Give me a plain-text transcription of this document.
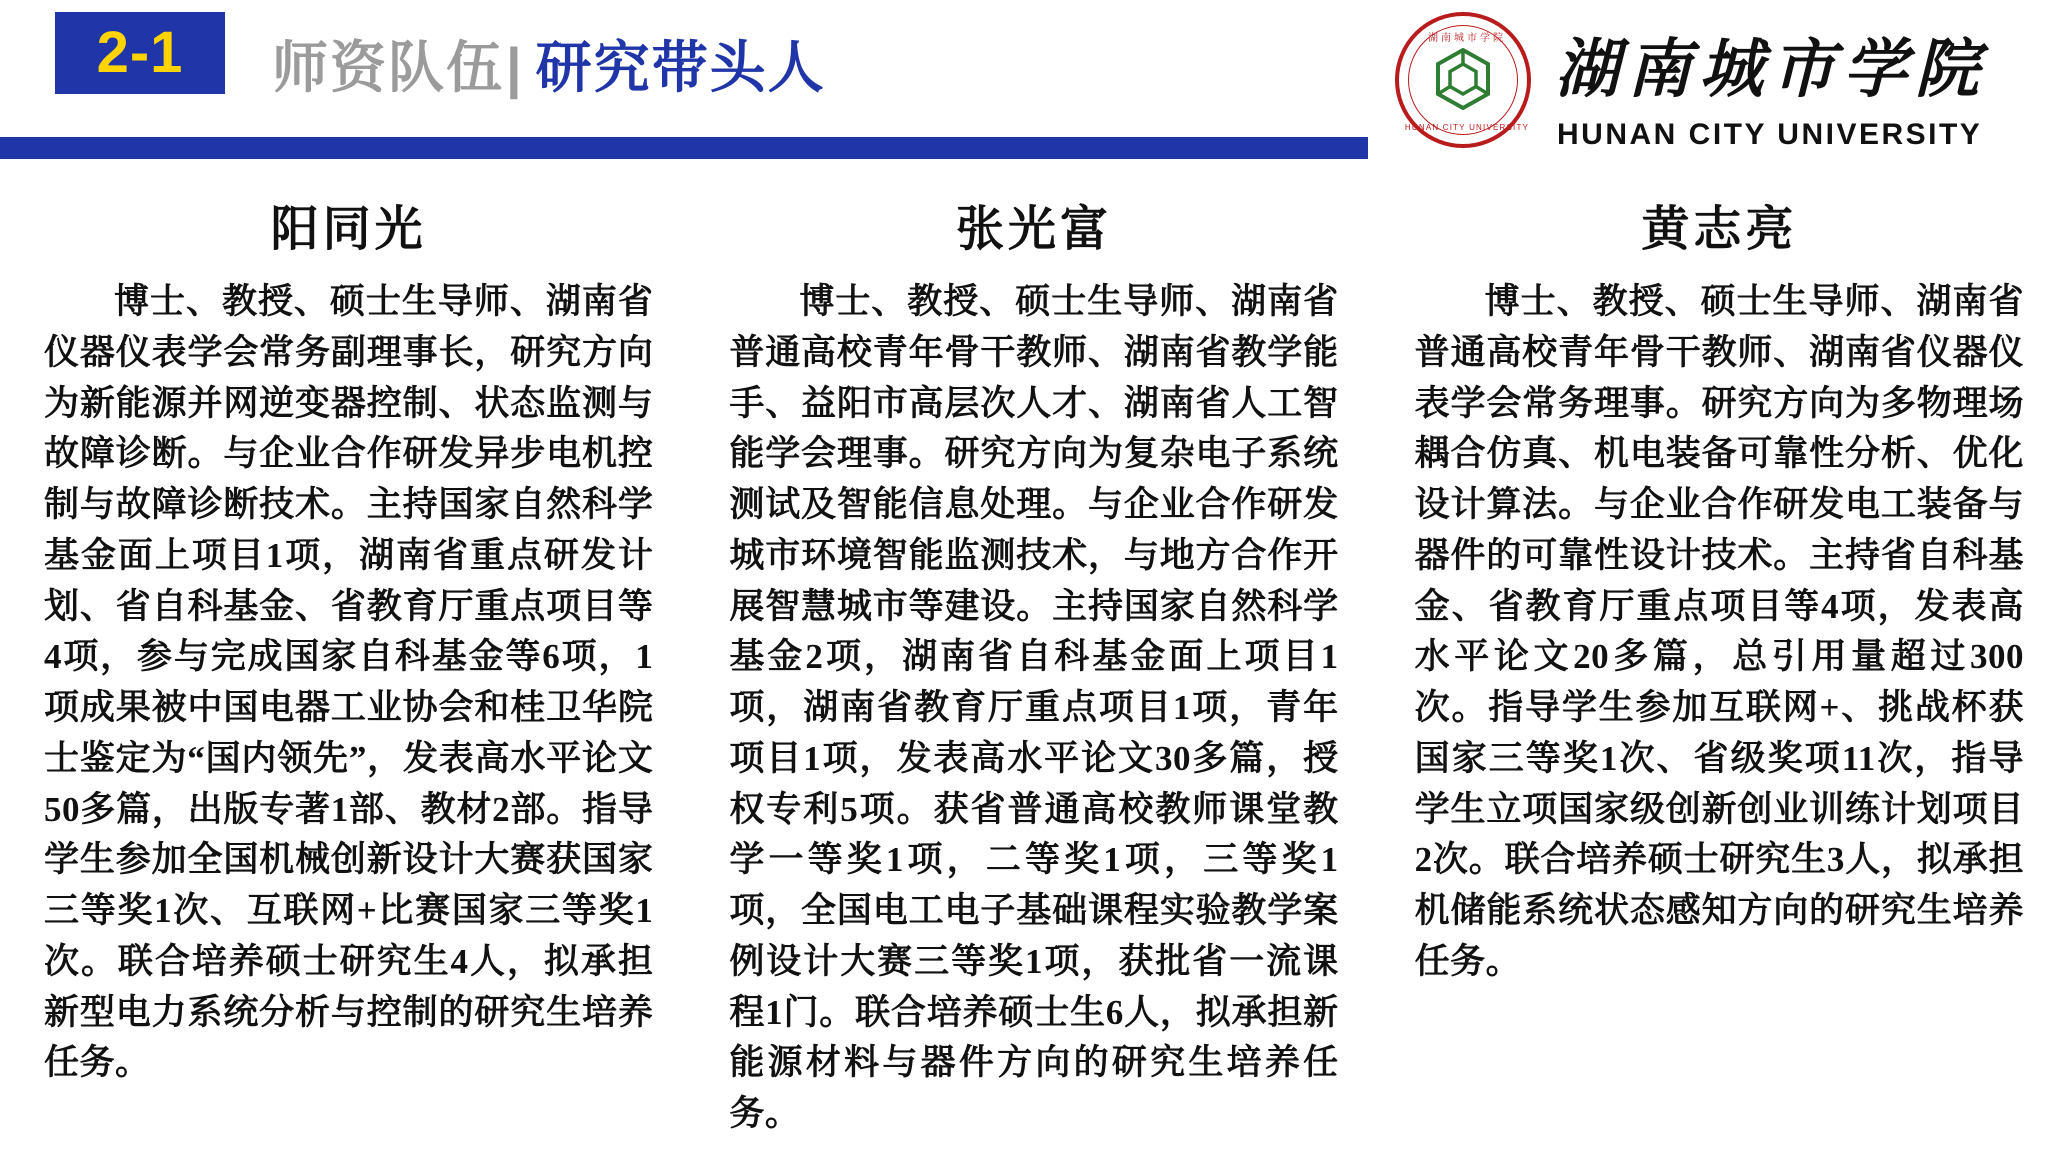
2-1 师资队伍 | 研究带头人	湖南城市学院
HUNAN CITY UNIVERSITY
湖南城市学院
HUNAN CITY UNIVERSITY
阳同光
博士、教授、硕士生导师、湖南省仪器仪表学会常务副理事长，研究方向为新能源并网逆变器控制、状态监测与故障诊断。与企业合作研发异步电机控制与故障诊断技术。主持国家自然科学基金面上项目1项，湖南省重点研发计划、省自科基金、省教育厅重点项目等4项，参与完成国家自科基金等6项，1项成果被中国电器工业协会和桂卫华院士鉴定为“国内领先”，发表高水平论文50多篇，出版专著1部、教材2部。指导学生参加全国机械创新设计大赛获国家三等奖1次、互联网+比赛国家三等奖1次。联合培养硕士研究生4人，拟承担新型电力系统分析与控制的研究生培养任务。
张光富
博士、教授、硕士生导师、湖南省普通高校青年骨干教师、湖南省教学能手、益阳市高层次人才、湖南省人工智能学会理事。研究方向为复杂电子系统测试及智能信息处理。与企业合作研发城市环境智能监测技术，与地方合作开展智慧城市等建设。主持国家自然科学基金2项，湖南省自科基金面上项目1项，湖南省教育厅重点项目1项，青年项目1项，发表高水平论文30多篇，授权专利5项。获省普通高校教师课堂教学一等奖1项，二等奖1项，三等奖1项，全国电工电子基础课程实验教学案例设计大赛三等奖1项，获批省一流课程1门。联合培养硕士生6人，拟承担新能源材料与器件方向的研究生培养任务。
黄志亮
博士、教授、硕士生导师、湖南省普通高校青年骨干教师、湖南省仪器仪表学会常务理事。研究方向为多物理场耦合仿真、机电装备可靠性分析、优化设计算法。与企业合作研发电工装备与器件的可靠性设计技术。主持省自科基金、省教育厅重点项目等4项，发表高水平论文20多篇，总引用量超过300次。指导学生参加互联网+、挑战杯获国家三等奖1次、省级奖项11次，指导学生立项国家级创新创业训练计划项目2次。联合培养硕士研究生3人，拟承担机储能系统状态感知方向的研究生培养任务。
